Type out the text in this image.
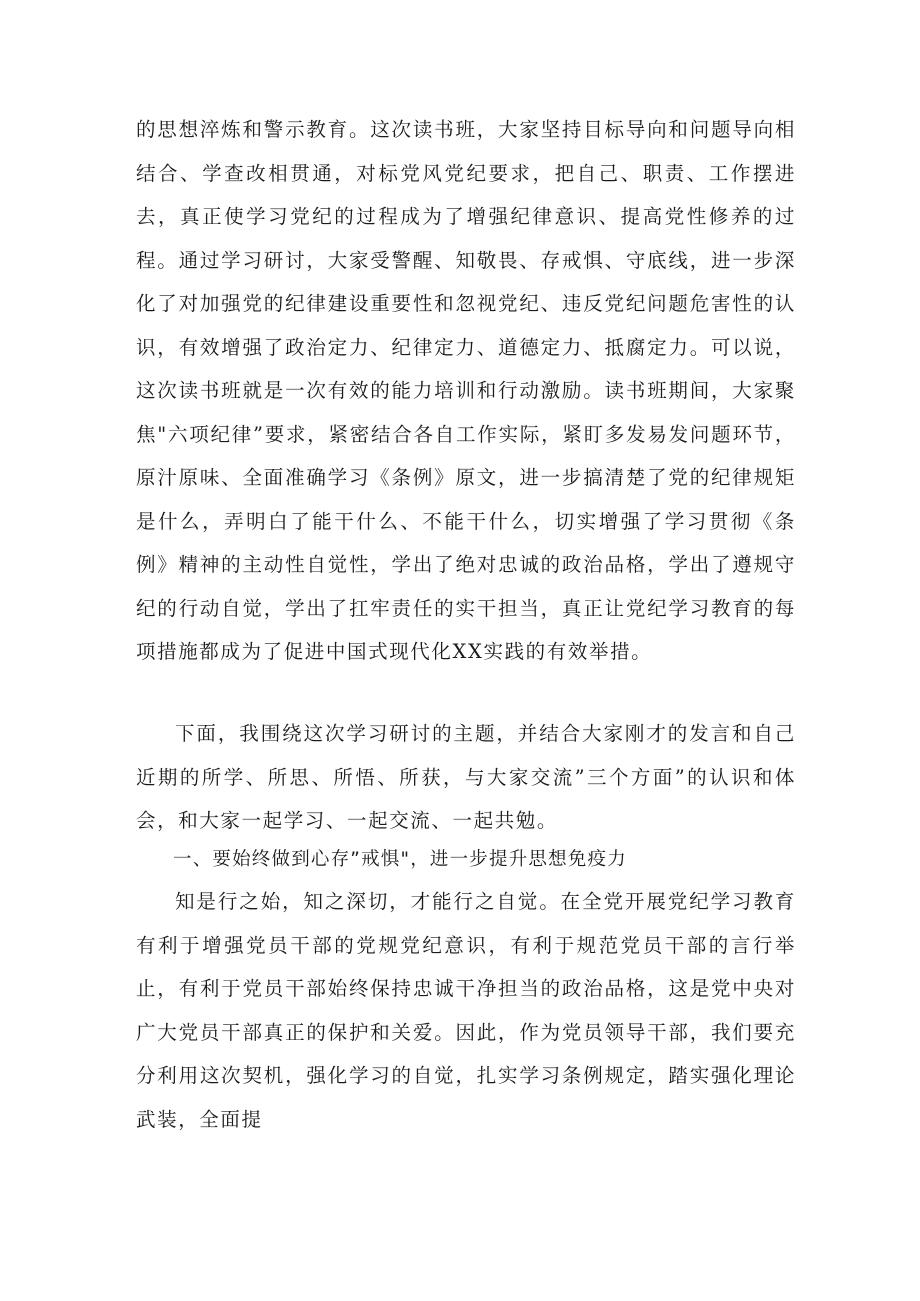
的思想淬炼和警示教育。这次读书班，大家坚持目标导向和问题导向相结合、学查改相贯通，对标党风党纪要求，把自己、职责、工作摆进去，真正使学习党纪的过程成为了增强纪律意识、提高党性修养的过程。通过学习研讨，大家受警醒、知敬畏、存戒惧、守底线，进一步深化了对加强党的纪律建设重要性和忽视党纪、违反党纪问题危害性的认识，有效增强了政治定力、纪律定力、道德定力、抵腐定力。可以说，这次读书班就是一次有效的能力培训和行动激励。读书班期间，大家聚焦"六项纪律”要求，紧密结合各自工作实际，紧盯多发易发问题环节，原汁原味、全面准确学习《条例》原文，进一步搞清楚了党的纪律规矩是什么，弄明白了能干什么、不能干什么，切实增强了学习贯彻《条例》精神的主动性自觉性，学出了绝对忠诚的政治品格，学出了遵规守纪的行动自觉，学出了扛牢责任的实干担当，真正让党纪学习教育的每项措施都成为了促进中国式现代化XX实践的有效举措。

下面，我围绕这次学习研讨的主题，并结合大家刚才的发言和自己近期的所学、所思、所悟、所获，与大家交流”三个方面”的认识和体会，和大家一起学习、一起交流、一起共勉。

一、要始终做到心存”戒惧"，进一步提升思想免疫力

知是行之始，知之深切，才能行之自觉。在全党开展党纪学习教育有利于增强党员干部的党规党纪意识，有利于规范党员干部的言行举止，有利于党员干部始终保持忠诚干净担当的政治品格，这是党中央对广大党员干部真正的保护和关爱。因此，作为党员领导干部，我们要充分利用这次契机，强化学习的自觉，扎实学习条例规定，踏实强化理论武装，全面提
